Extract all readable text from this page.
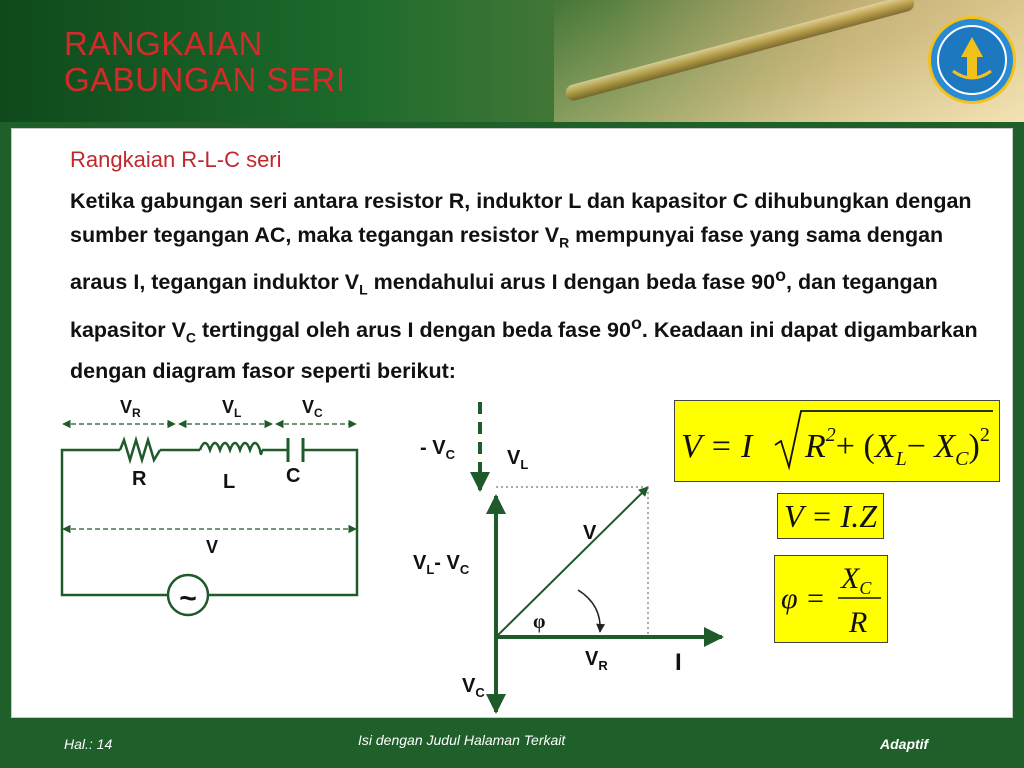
RANGKAIAN
GABUNGAN SERI
Rangkaian R-L-C seri

Ketika gabungan seri antara resistor R, induktor L dan kapasitor C dihubungkan dengan sumber tegangan AC, maka tegangan resistor $V_R$ mempunyai fase yang sama dengan araus I, tegangan induktor $V_L$ mendahului arus I dengan beda fase 90$^o$, dan tegangan kapasitor $V_C$ tertinggal oleh arus I dengan beda fase 90$^o$. Keadaan ini dapat digambarkan dengan diagram fasor seperti berikut:

$V_R$	$V_L$	$V_C$
R	L	C
V
~
- $V_C$	$V_L$
V
$V_L-$ $V_C$
φ
$V_R$	I
$V_C$
V = I $R^2+ (X_L- X_C)^2$
V = I.Z
φ =
$X_C$
R
Hal.: 14	Isi dengan Judul Halaman Terkait	Adaptif
